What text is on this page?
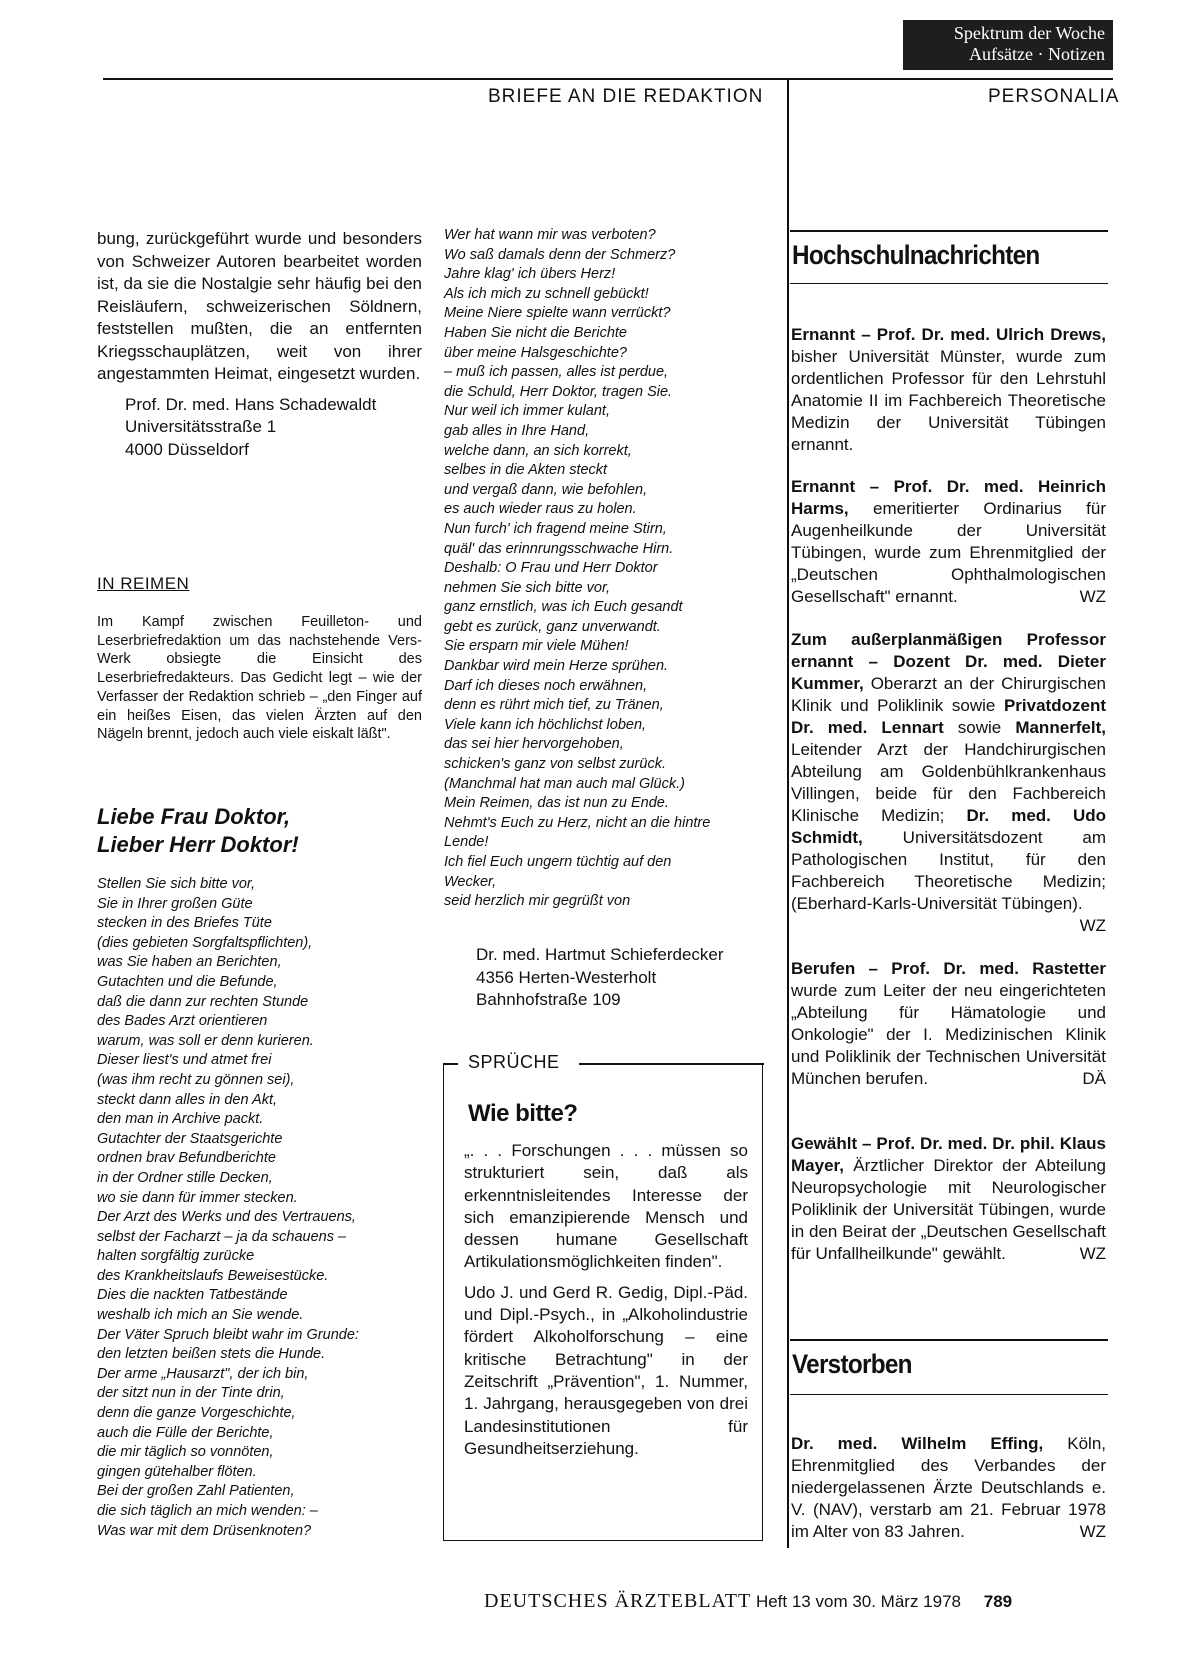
Spektrum der Woche
Aufsätze · Notizen
BRIEFE AN DIE REDAKTION	PERSONALIA
bung, zurückgeführt wurde und besonders von Schweizer Autoren bearbeitet worden ist, da sie die Nostalgie sehr häufig bei den Reisläufern, schweizerischen Söldnern, feststellen mußten, die an entfernten Kriegsschauplätzen, weit von ihrer angestammten Heimat, eingesetzt wurden.
Prof. Dr. med. Hans Schadewaldt
Universitätsstraße 1
4000 Düsseldorf
IN REIMEN
Im Kampf zwischen Feuilleton- und Leserbriefredaktion um das nachstehende Vers-Werk obsiegte die Einsicht des Leserbriefredakteurs. Das Gedicht legt – wie der Verfasser der Redaktion schrieb – „den Finger auf ein heißes Eisen, das vielen Ärzten auf den Nägeln brennt, jedoch auch viele eiskalt läßt".
Liebe Frau Doktor,
Lieber Herr Doktor!
Stellen Sie sich bitte vor,
Sie in Ihrer großen Güte
stecken in des Briefes Tüte
(dies gebieten Sorgfaltspflichten),
was Sie haben an Berichten,
Gutachten und die Befunde,
daß die dann zur rechten Stunde
des Bades Arzt orientieren
warum, was soll er denn kurieren.
Dieser liest's und atmet frei
(was ihm recht zu gönnen sei),
steckt dann alles in den Akt,
den man in Archive packt.
Gutachter der Staatsgerichte
ordnen brav Befundberichte
in der Ordner stille Decken,
wo sie dann für immer stecken.
Der Arzt des Werks und des Vertrauens,
selbst der Facharzt – ja da schauens –
halten sorgfältig zurücke
des Krankheitslaufs Beweisestücke.
Dies die nackten Tatbestände
weshalb ich mich an Sie wende.
Der Väter Spruch bleibt wahr im Grunde:
den letzten beißen stets die Hunde.
Der arme „Hausarzt", der ich bin,
der sitzt nun in der Tinte drin,
denn die ganze Vorgeschichte,
auch die Fülle der Berichte,
die mir täglich so vonnöten,
gingen gütehalber flöten.
Bei der großen Zahl Patienten,
die sich täglich an mich wenden: –
Was war mit dem Drüsenknoten?
Wer hat wann mir was verboten?
Wo saß damals denn der Schmerz?
Jahre klag' ich übers Herz!
Als ich mich zu schnell gebückt!
Meine Niere spielte wann verrückt?
Haben Sie nicht die Berichte
über meine Halsgeschichte?
– muß ich passen, alles ist perdue,
die Schuld, Herr Doktor, tragen Sie.
Nur weil ich immer kulant,
gab alles in Ihre Hand,
welche dann, an sich korrekt,
selbes in die Akten steckt
und vergaß dann, wie befohlen,
es auch wieder raus zu holen.
Nun furch' ich fragend meine Stirn,
quäl' das erinnrungsschwache Hirn.
Deshalb: O Frau und Herr Doktor
nehmen Sie sich bitte vor,
ganz ernstlich, was ich Euch gesandt
gebt es zurück, ganz unverwandt.
Sie ersparn mir viele Mühen!
Dankbar wird mein Herze sprühen.
Darf ich dieses noch erwähnen,
denn es rührt mich tief, zu Tränen,
Viele kann ich höchlichst loben,
das sei hier hervorgehoben,
schicken's ganz von selbst zurück.
(Manchmal hat man auch mal Glück.)
Mein Reimen, das ist nun zu Ende.
Nehmt's Euch zu Herz, nicht an die hintre
Lende!
Ich fiel Euch ungern tüchtig auf den
Wecker,
seid herzlich mir gegrüßt von
Dr. med. Hartmut Schieferdecker
4356 Herten-Westerholt
Bahnhofstraße 109
SPRÜCHE
Wie bitte?
„. . . Forschungen . . . müssen so strukturiert sein, daß als erkenntnisleitendes Interesse der sich emanzipierende Mensch und dessen humane Gesellschaft Artikulationsmöglichkeiten finden".
Udo J. und Gerd R. Gedig, Dipl.-Päd. und Dipl.-Psych., in „Alkoholindustrie fördert Alkoholforschung – eine kritische Betrachtung" in der Zeitschrift „Prävention", 1. Nummer, 1. Jahrgang, herausgegeben von drei Landesinstitutionen für Gesundheitserziehung.
Hochschulnachrichten
Ernannt – Prof. Dr. med. Ulrich Drews, bisher Universität Münster, wurde zum ordentlichen Professor für den Lehrstuhl Anatomie II im Fachbereich Theoretische Medizin der Universität Tübingen ernannt.
Ernannt – Prof. Dr. med. Heinrich Harms, emeritierter Ordinarius für Augenheilkunde der Universität Tübingen, wurde zum Ehrenmitglied der „Deutschen Ophthalmologischen Gesellschaft" ernannt.	WZ
Zum außerplanmäßigen Professor ernannt – Dozent Dr. med. Dieter Kummer, Oberarzt an der Chirurgischen Klinik und Poliklinik sowie Privatdozent Dr. med. Lennart sowie Mannerfelt, Leitender Arzt der Handchirurgischen Abteilung am Goldenbühlkrankenhaus Villingen, beide für den Fachbereich Klinische Medizin; Dr. med. Udo Schmidt, Universitätsdozent am Pathologischen Institut, für den Fachbereich Theoretische Medizin; (Eberhard-Karls-Universität Tübingen).
WZ
Berufen – Prof. Dr. med. Rastetter wurde zum Leiter der neu eingerichteten „Abteilung für Hämatologie und Onkologie" der I. Medizinischen Klinik und Poliklinik der Technischen Universität München berufen.	DÄ
Gewählt – Prof. Dr. med. Dr. phil. Klaus Mayer, Ärztlicher Direktor der Abteilung Neuropsychologie mit Neurologischer Poliklinik der Universität Tübingen, wurde in den Beirat der „Deutschen Gesellschaft für Unfallheilkunde" gewählt.	WZ
Verstorben
Dr. med. Wilhelm Effing, Köln, Ehrenmitglied des Verbandes der niedergelassenen Ärzte Deutschlands e. V. (NAV), verstarb am 21. Februar 1978 im Alter von 83 Jahren.	WZ
DEUTSCHES ÄRZTEBLATT Heft 13 vom 30. März 1978 789
